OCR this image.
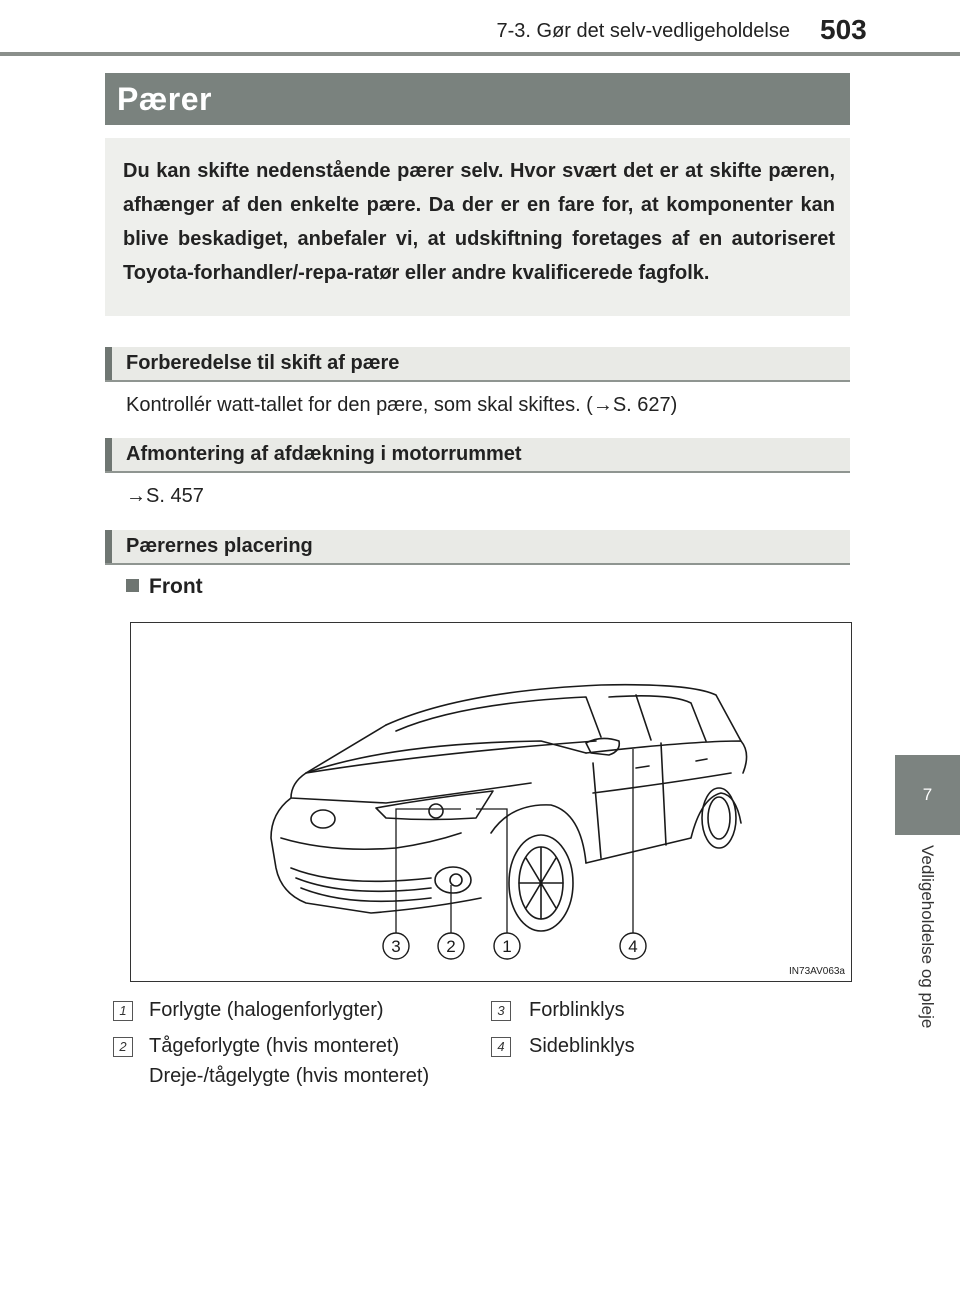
7-3. Gør det selv-vedligeholdelse 503
7
Vedligeholdelse og pleje
Pærer
Du kan skifte nedenstående pærer selv. Hvor svært det er at skifte pæren, afhænger af den enkelte pære. Da der er en fare for, at komponenter kan blive beskadiget, anbefaler vi, at udskiftning foretages af en autoriseret Toyota-forhandler/-repa-ratør eller andre kvalificerede fagfolk.
Forberedelse til skift af pære
Kontrollér watt-tallet for den pære, som skal skiftes. (→S. 627)
Afmontering af afdækning i motorrummet
→S. 457
Pærernes placering
Front
3	2	1	4
IN73AV063a
1	Forlygte (halogenforlygter)	3	Forblinklys
2	Tågeforlygte (hvis monteret)	4	Sideblinklys
Dreje-/tågelygte (hvis monteret)
